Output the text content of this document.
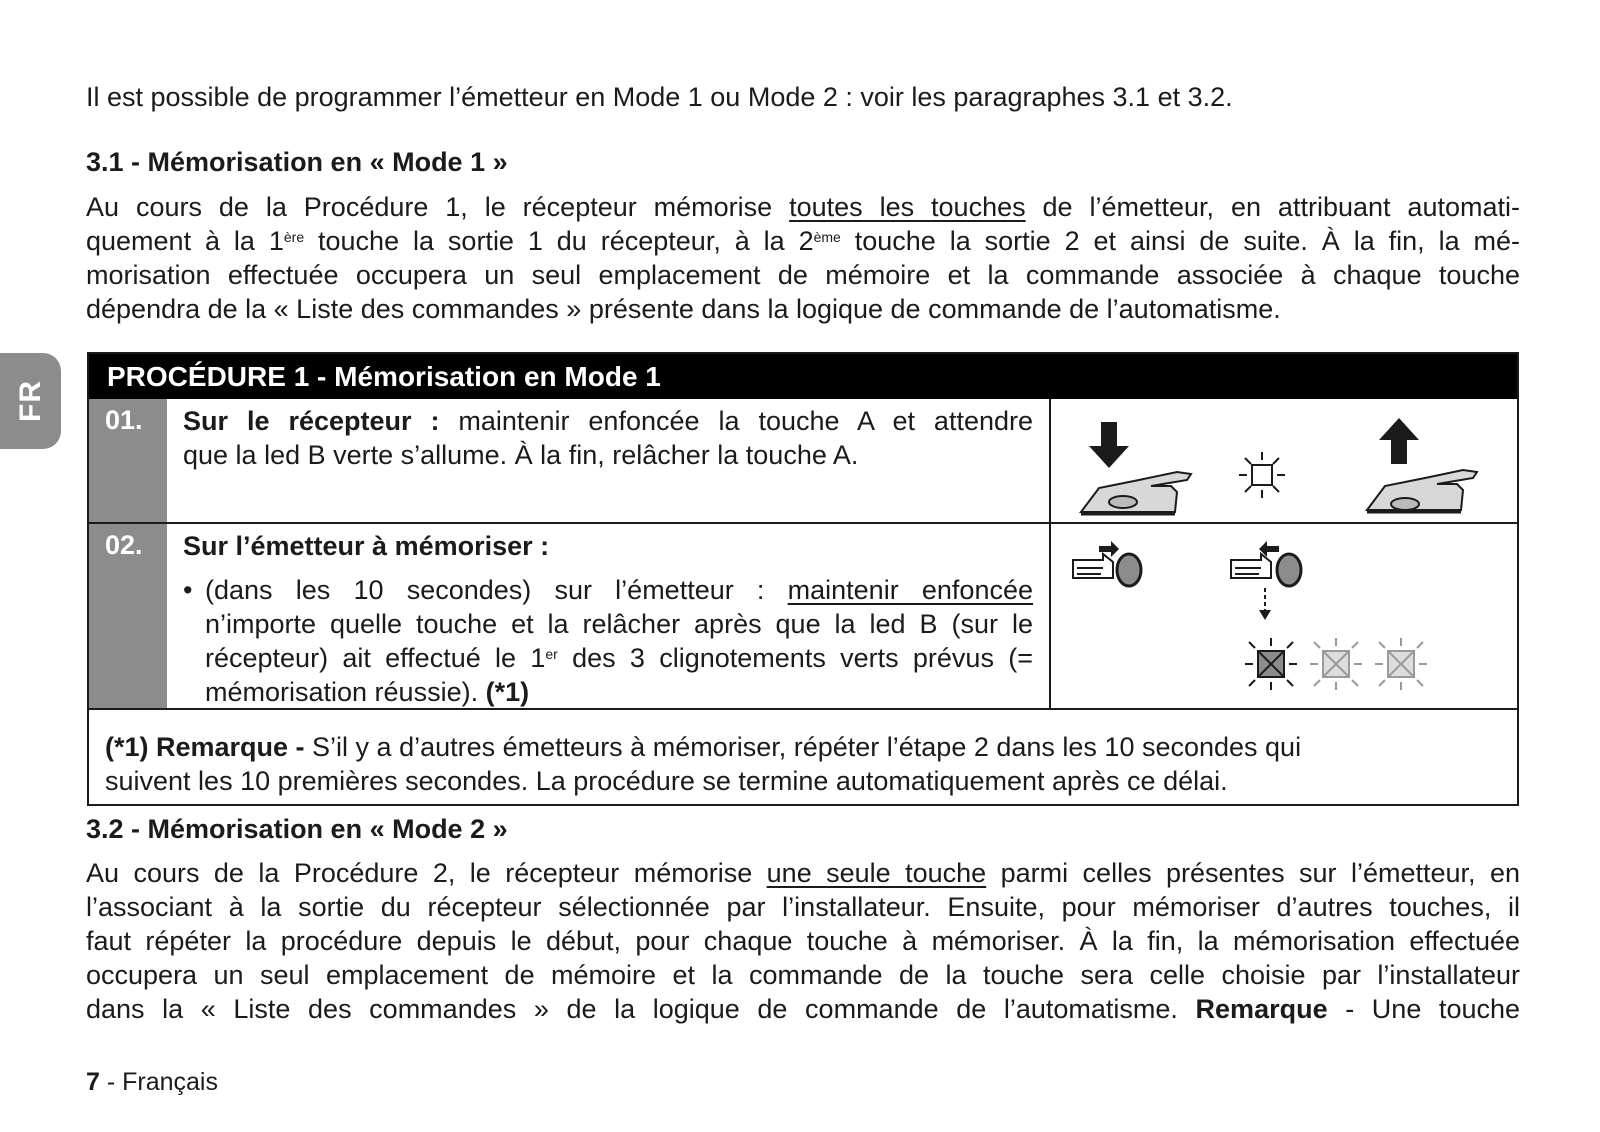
Il est possible de programmer l’émetteur en Mode 1 ou Mode 2 : voir les paragraphes 3.1 et 3.2.

3.1 - Mémorisation en « Mode 1 »
Au cours de la Procédure 1, le récepteur mémorise toutes les touches de l’émetteur, en attribuant automati-
quement à la 1ère touche la sortie 1 du récepteur, à la 2ème touche la sortie 2 et ainsi de suite. À la fin, la mé-
morisation effectuée occupera un seul emplacement de mémoire et la commande associée à chaque touche
dépendra de la « Liste des commandes » présente dans la logique de commande de l’automatisme.
FR
PROCÉDURE 1 - Mémorisation en Mode 1
01.	Sur le récepteur : maintenir enfoncée la touche A et attendre
que la led B verte s’allume. À la fin, relâcher la touche A.
02.	Sur l’émetteur à mémoriser :
• (dans les 10 secondes) sur l’émetteur : maintenir enfoncée
n’importe quelle touche et la relâcher après que la led B (sur le
récepteur) ait effectué le 1er des 3 clignotements verts prévus (=
mémorisation réussie). (*1)
(*1) Remarque - S’il y a d’autres émetteurs à mémoriser, répéter l’étape 2 dans les 10 secondes qui
suivent les 10 premières secondes. La procédure se termine automatiquement après ce délai.
3.2 - Mémorisation en « Mode 2 »
Au cours de la Procédure 2, le récepteur mémorise une seule touche parmi celles présentes sur l’émetteur, en
l’associant à la sortie du récepteur sélectionnée par l’installateur. Ensuite, pour mémoriser d’autres touches, il
faut répéter la procédure depuis le début, pour chaque touche à mémoriser. À la fin, la mémorisation effectuée
occupera un seul emplacement de mémoire et la commande de la touche sera celle choisie par l’installateur
dans la « Liste des commandes » de la logique de commande de l’automatisme. Remarque - Une touche
7 - Français
